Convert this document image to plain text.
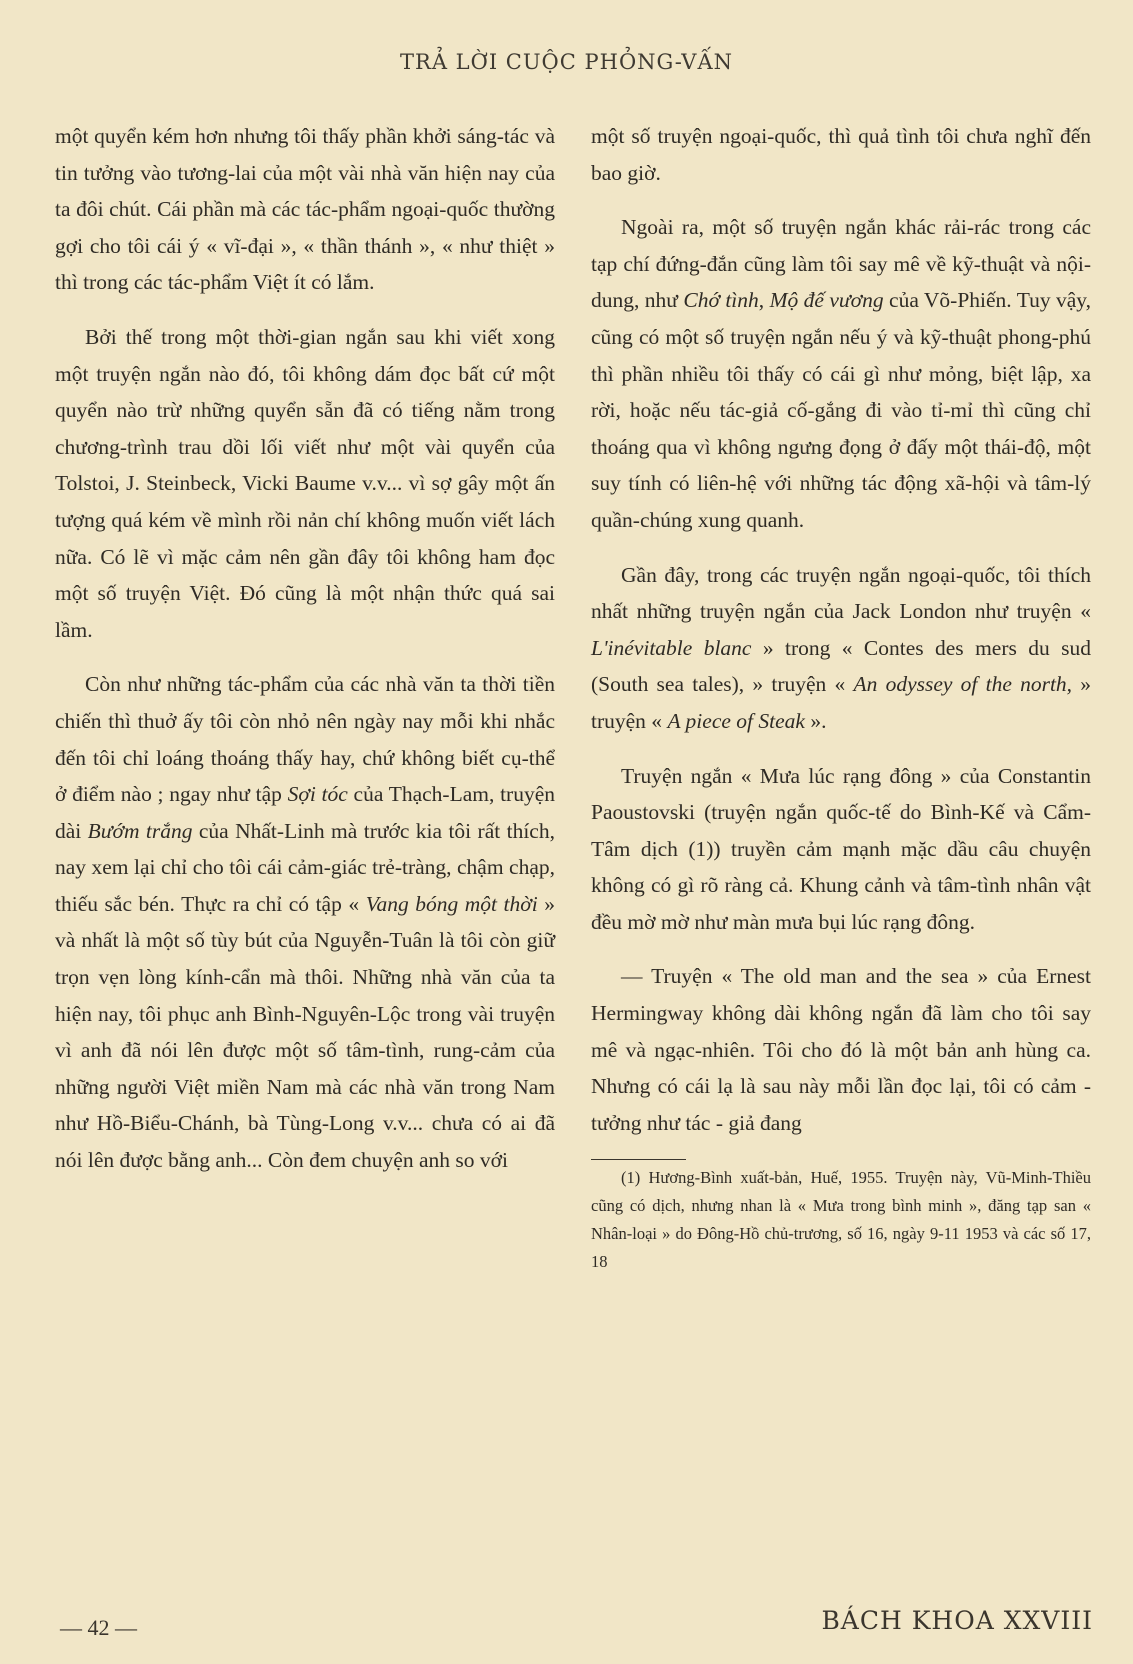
TRẢ LỜI CUỘC PHỎNG-VẤN

một quyển kém hơn nhưng tôi thấy phần khởi sáng-tác và tin tưởng vào tương-lai của một vài nhà văn hiện nay của ta đôi chút. Cái phần mà các tác-phẩm ngoại-quốc thường gợi cho tôi cái ý « vĩ-đại », « thần thánh », « như thiệt » thì trong các tác-phẩm Việt ít có lắm.

Bởi thế trong một thời-gian ngắn sau khi viết xong một truyện ngắn nào đó, tôi không dám đọc bất cứ một quyển nào trừ những quyển sẵn đã có tiếng nằm trong chương-trình trau dồi lối viết như một vài quyển của Tolstoi, J. Steinbeck, Vicki Baume v.v... vì sợ gây một ấn tượng quá kém về mình rồi nản chí không muốn viết lách nữa. Có lẽ vì mặc cảm nên gần đây tôi không ham đọc một số truyện Việt. Đó cũng là một nhận thức quá sai lầm.

Còn như những tác-phẩm của các nhà văn ta thời tiền chiến thì thuở ấy tôi còn nhỏ nên ngày nay mỗi khi nhắc đến tôi chỉ loáng thoáng thấy hay, chứ không biết cụ-thể ở điểm nào ; ngay như tập Sợi tóc của Thạch-Lam, truyện dài Bướm trắng của Nhất-Linh mà trước kia tôi rất thích, nay xem lại chỉ cho tôi cái cảm-giác trẻ-tràng, chậm chạp, thiếu sắc bén. Thực ra chỉ có tập « Vang bóng một thời » và nhất là một số tùy bút của Nguyễn-Tuân là tôi còn giữ trọn vẹn lòng kính-cẩn mà thôi. Những nhà văn của ta hiện nay, tôi phục anh Bình-Nguyên-Lộc trong vài truyện vì anh đã nói lên được một số tâm-tình, rung-cảm của những người Việt miền Nam mà các nhà văn trong Nam như Hồ-Biểu-Chánh, bà Tùng-Long v.v... chưa có ai đã nói lên được bằng anh... Còn đem chuyện anh so với

một số truyện ngoại-quốc, thì quả tình tôi chưa nghĩ đến bao giờ.

Ngoài ra, một số truyện ngắn khác rải-rác trong các tạp chí đứng-đắn cũng làm tôi say mê về kỹ-thuật và nội-dung, như Chớ tình, Mộ đế vương của Võ-Phiến. Tuy vậy, cũng có một số truyện ngắn nếu ý và kỹ-thuật phong-phú thì phần nhiều tôi thấy có cái gì như mỏng, biệt lập, xa rời, hoặc nếu tác-giả cố-gắng đi vào tỉ-mỉ thì cũng chỉ thoáng qua vì không ngưng đọng ở đấy một thái-độ, một suy tính có liên-hệ với những tác động xã-hội và tâm-lý quần-chúng xung quanh.

Gần đây, trong các truyện ngắn ngoại-quốc, tôi thích nhất những truyện ngắn của Jack London như truyện « L'inévitable blanc » trong « Contes des mers du sud (South sea tales), » truyện « An odyssey of the north, » truyện « A piece of Steak ».

Truyện ngắn « Mưa lúc rạng đông » của Constantin Paoustovski (truyện ngắn quốc-tế do Bình-Kế và Cẩm-Tâm dịch (1)) truyền cảm mạnh mặc dầu câu chuyện không có gì rõ ràng cả. Khung cảnh và tâm-tình nhân vật đều mờ mờ như màn mưa bụi lúc rạng đông.

— Truyện « The old man and the sea » của Ernest Hermingway không dài không ngắn đã làm cho tôi say mê và ngạc-nhiên. Tôi cho đó là một bản anh hùng ca. Nhưng có cái lạ là sau này mỗi lần đọc lại, tôi có cảm - tưởng như tác - giả đang

(1) Hương-Bình xuất-bản, Huế, 1955. Truyện này, Vũ-Minh-Thiều cũng có dịch, nhưng nhan là « Mưa trong bình minh », đăng tạp san « Nhân-loại » do Đông-Hồ chủ-trương, số 16, ngày 9-11 1953 và các số 17, 18

— 42 —	BÁCH KHOA XXVIII
